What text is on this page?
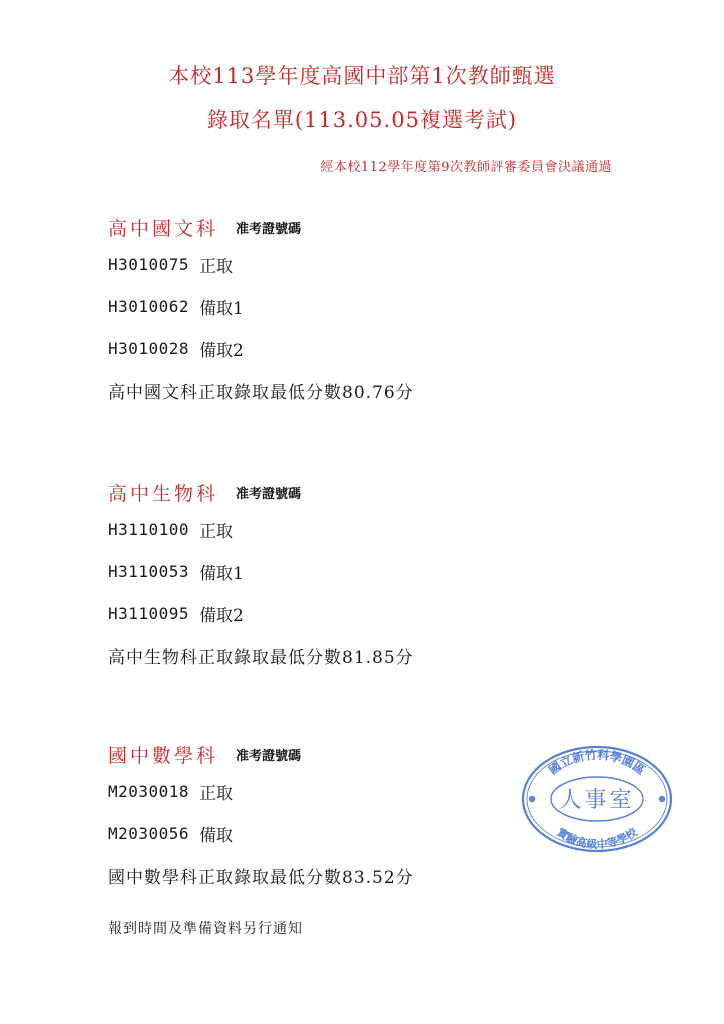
本校113學年度高國中部第1次教師甄選
錄取名單(113.05.05複選考試)
經本校112學年度第9次教師評審委員會決議通過
高中國文科 准考證號碼
H3010075 正取
H3010062 備取1
H3010028 備取2
高中國文科正取錄取最低分數80.76分
高中生物科 准考證號碼
H3110100 正取
H3110053 備取1
H3110095 備取2
高中生物科正取錄取最低分數81.85分
國中數學科 准考證號碼
M2030018 正取
M2030056 備取
國中數學科正取錄取最低分數83.52分
報到時間及準備資料另行通知
國立新竹科學園區
實驗高級中等學校
人事室
